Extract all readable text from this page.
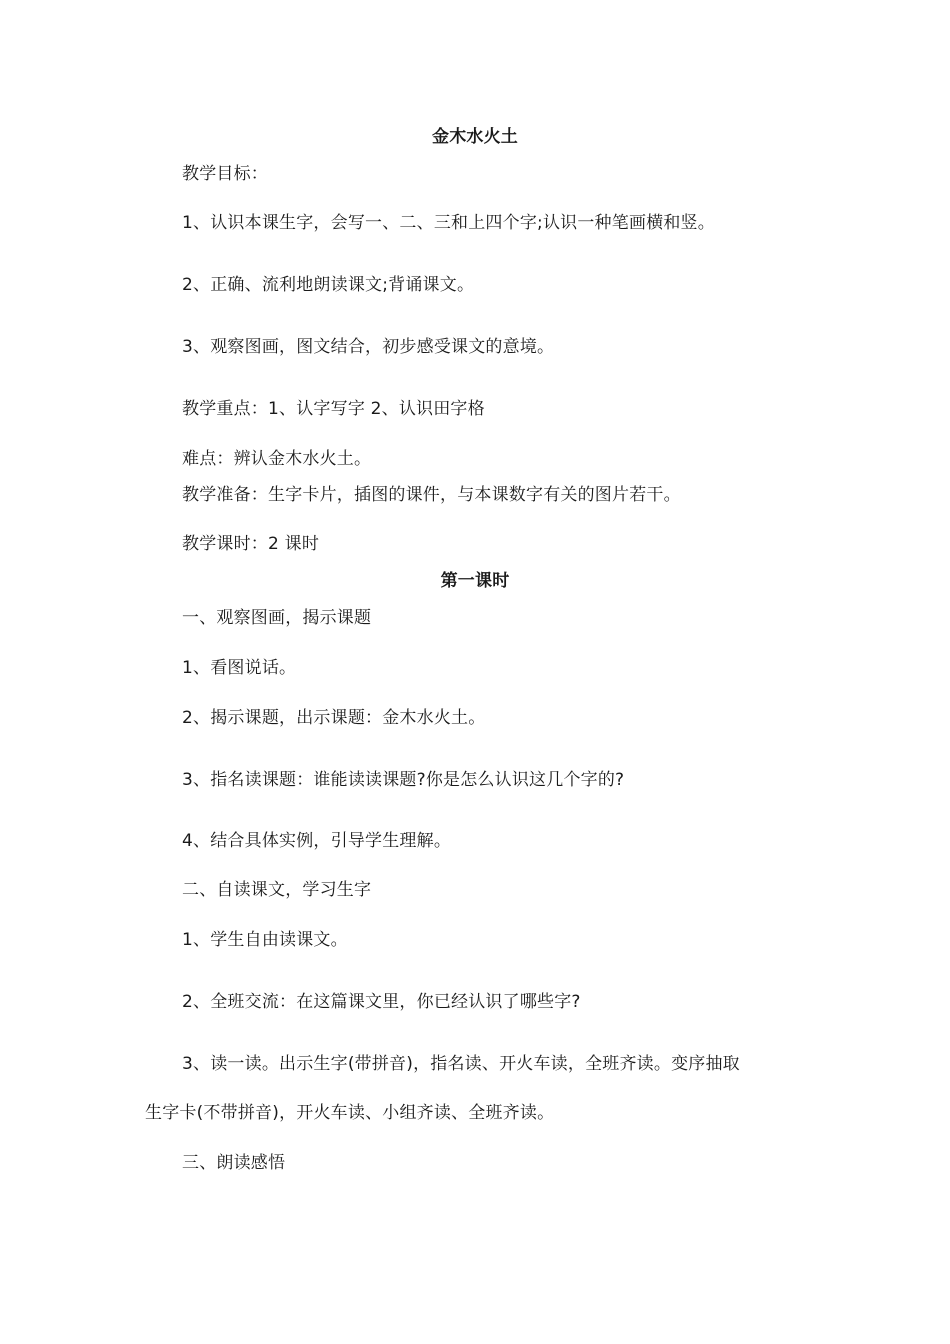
金木水火土
教学目标：
1、认识本课生字，会写一、二、三和上四个字;认识一种笔画横和竖。
2、正确、流利地朗读课文;背诵课文。
3、观察图画，图文结合，初步感受课文的意境。
教学重点：1、认字写字 2、认识田字格
难点：辨认金木水火土。
教学准备：生字卡片，插图的课件，与本课数字有关的图片若干。
教学课时：2 课时
第一课时
一、观察图画，揭示课题
1、看图说话。
2、揭示课题，出示课题：金木水火土。
3、指名读课题：谁能读读课题?你是怎么认识这几个字的?
4、结合具体实例，引导学生理解。
二、自读课文，学习生字
1、学生自由读课文。
2、全班交流：在这篇课文里，你已经认识了哪些字?
3、读一读。出示生字(带拼音)，指名读、开火车读，全班齐读。变序抽取
生字卡(不带拼音)，开火车读、小组齐读、全班齐读。
三、朗读感悟
